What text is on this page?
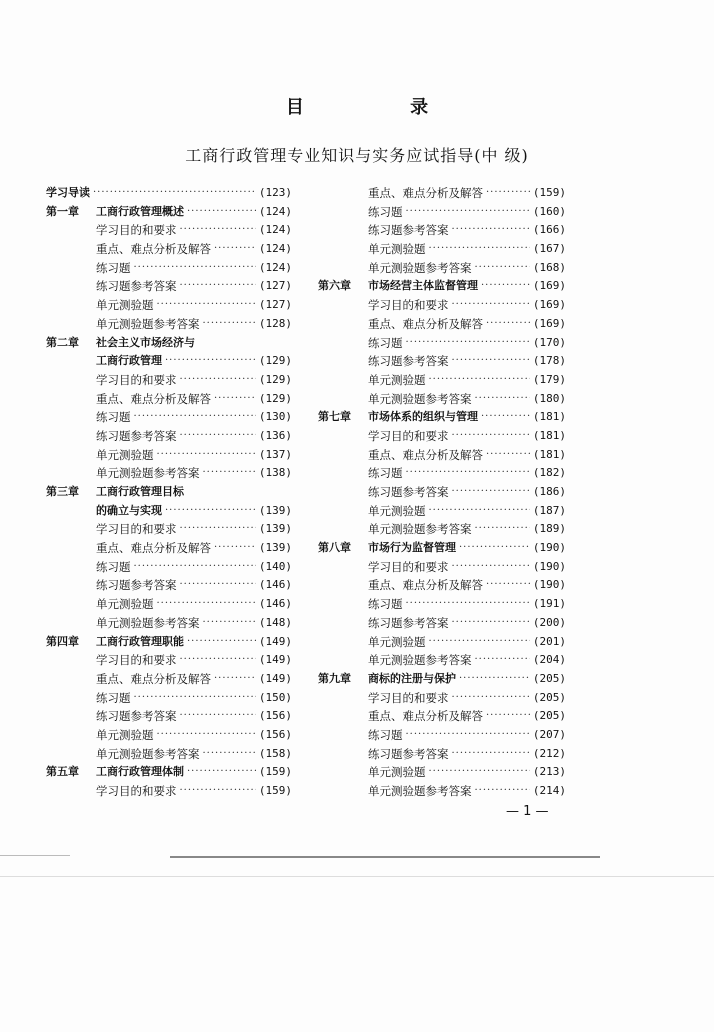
目 录
工商行政管理专业知识与实务应试指导(中 级)
学习导读 ·····	(123)
第一章	工商行政管理概述 ·····	(124)
学习目的和要求 ·····	(124)
重点、难点分析及解答 ·····	(124)
练习题 ·····	(124)
练习题参考答案 ·····	(127)
单元测验题 ·····	(127)
单元测验题参考答案 ·····	(128)
第二章	社会主义市场经济与
工商行政管理 ·····	(129)
学习目的和要求 ·····	(129)
重点、难点分析及解答 ·····	(129)
练习题 ·····	(130)
练习题参考答案 ·····	(136)
单元测验题 ·····	(137)
单元测验题参考答案 ·····	(138)
第三章	工商行政管理目标
的确立与实现 ·····	(139)
学习目的和要求 ·····	(139)
重点、难点分析及解答 ·····	(139)
练习题 ·····	(140)
练习题参考答案 ·····	(146)
单元测验题 ·····	(146)
单元测验题参考答案 ·····	(148)
第四章	工商行政管理职能 ·····	(149)
学习目的和要求 ·····	(149)
重点、难点分析及解答 ·····	(149)
练习题 ·····	(150)
练习题参考答案 ·····	(156)
单元测验题 ·····	(156)
单元测验题参考答案 ·····	(158)
第五章	工商行政管理体制 ·····	(159)
学习目的和要求 ·····	(159)
重点、难点分析及解答 ·····	(159)
练习题 ·····	(160)
练习题参考答案 ·····	(166)
单元测验题 ·····	(167)
单元测验题参考答案 ·····	(168)
第六章	市场经营主体监督管理 ·····	(169)
学习目的和要求 ·····	(169)
重点、难点分析及解答 ·····	(169)
练习题 ·····	(170)
练习题参考答案 ·····	(178)
单元测验题 ·····	(179)
单元测验题参考答案 ·····	(180)
第七章	市场体系的组织与管理 ·····	(181)
学习目的和要求 ·····	(181)
重点、难点分析及解答 ·····	(181)
练习题 ·····	(182)
练习题参考答案 ·····	(186)
单元测验题 ·····	(187)
单元测验题参考答案 ·····	(189)
第八章	市场行为监督管理 ·····	(190)
学习目的和要求 ·····	(190)
重点、难点分析及解答 ·····	(190)
练习题 ·····	(191)
练习题参考答案 ·····	(200)
单元测验题 ·····	(201)
单元测验题参考答案 ·····	(204)
第九章	商标的注册与保护 ·····	(205)
学习目的和要求 ·····	(205)
重点、难点分析及解答 ·····	(205)
练习题 ·····	(207)
练习题参考答案 ·····	(212)
单元测验题 ·····	(213)
单元测验题参考答案 ·····	(214)
— 1 —
